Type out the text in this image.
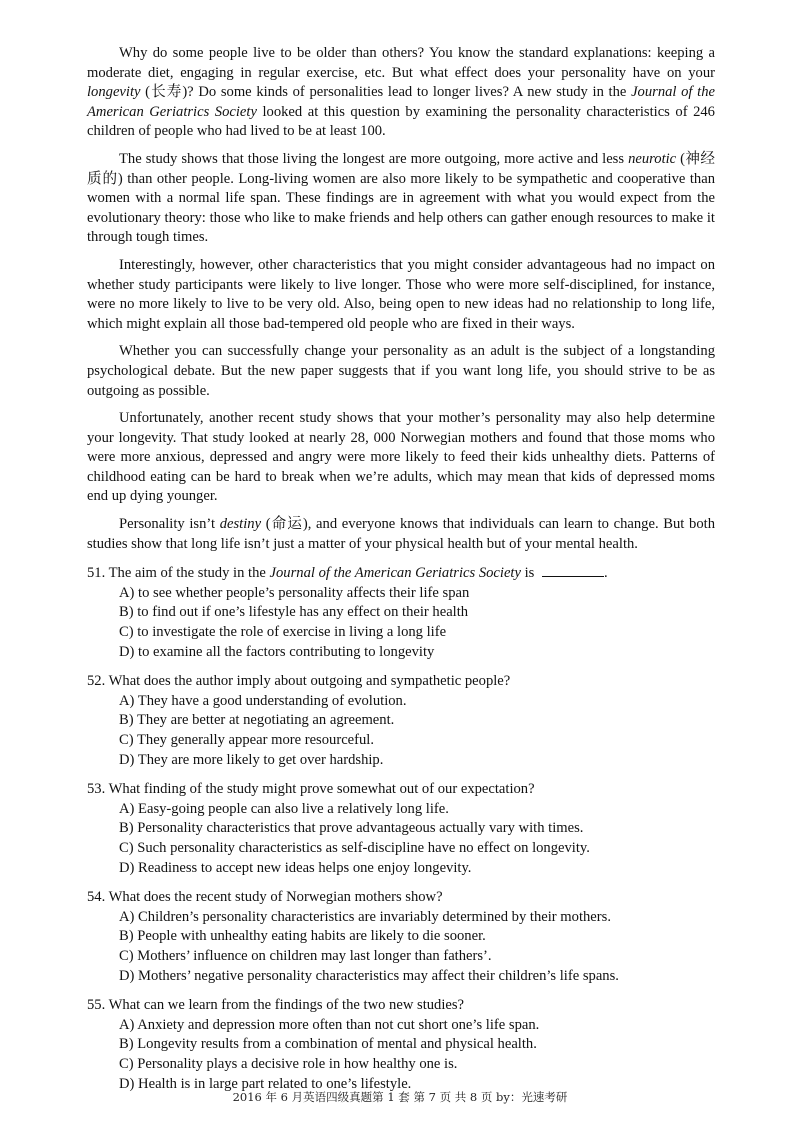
Why do some people live to be older than others? You know the standard explanations: keeping a moderate diet, engaging in regular exercise, etc. But what effect does your personality have on your longevity (长寿)? Do some kinds of personalities lead to longer lives? A new study in the Journal of the American Geriatrics Society looked at this question by examining the personality characteristics of 246 children of people who had lived to be at least 100.

The study shows that those living the longest are more outgoing, more active and less neurotic (神经质的) than other people. Long-living women are also more likely to be sympathetic and cooperative than women with a normal life span. These findings are in agreement with what you would expect from the evolutionary theory: those who like to make friends and help others can gather enough resources to make it through tough times.

Interestingly, however, other characteristics that you might consider advantageous had no impact on whether study participants were likely to live longer. Those who were more self-disciplined, for instance, were no more likely to live to be very old. Also, being open to new ideas had no relationship to long life, which might explain all those bad-tempered old people who are fixed in their ways.

Whether you can successfully change your personality as an adult is the subject of a longstanding psychological debate. But the new paper suggests that if you want long life, you should strive to be as outgoing as possible.

Unfortunately, another recent study shows that your mother’s personality may also help determine your longevity. That study looked at nearly 28, 000 Norwegian mothers and found that those moms who were more anxious, depressed and angry were more likely to feed their kids unhealthy diets. Patterns of childhood eating can be hard to break when we’re adults, which may mean that kids of depressed moms end up dying younger.

Personality isn’t destiny (命运), and everyone knows that individuals can learn to change. But both studies show that long life isn’t just a matter of your physical health but of your mental health.

51. The aim of the study in the Journal of the American Geriatrics Society is	.

A) to see whether people’s personality affects their life span
B) to find out if one’s lifestyle has any effect on their health
C) to investigate the role of exercise in living a long life
D) to examine all the factors contributing to longevity

52. What does the author imply about outgoing and sympathetic people?

A) They have a good understanding of evolution.
B) They are better at negotiating an agreement.
C) They generally appear more resourceful.
D) They are more likely to get over hardship.

53. What finding of the study might prove somewhat out of our expectation?

A) Easy-going people can also live a relatively long life.
B) Personality characteristics that prove advantageous actually vary with times.
C) Such personality characteristics as self-discipline have no effect on longevity.
D) Readiness to accept new ideas helps one enjoy longevity.

54. What does the recent study of Norwegian mothers show?

A) Children’s personality characteristics are invariably determined by their mothers.
B) People with unhealthy eating habits are likely to die sooner.
C) Mothers’ influence on children may last longer than fathers’.
D) Mothers’ negative personality characteristics may affect their children’s life spans.

55. What can we learn from the findings of the two new studies?

A) Anxiety and depression more often than not cut short one’s life span.
B) Longevity results from a combination of mental and physical health.
C) Personality plays a decisive role in how healthy one is.
D) Health is in large part related to one’s lifestyle.
2016 年 6 月英语四级真题第 1 套 第 7 页 共 8 页 by：光速考研
